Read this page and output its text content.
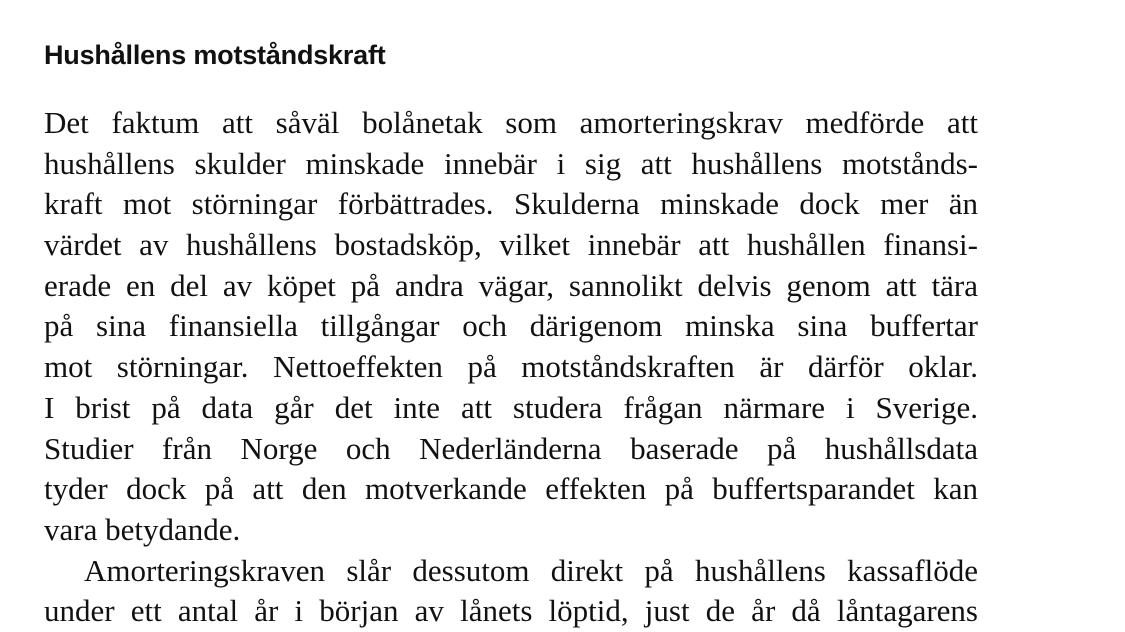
Hushållens motståndskraft
Det faktum att såväl bolånetak som amorteringskrav medförde att
hushållens skulder minskade innebär i sig att hushållens motstånds-
kraft mot störningar förbättrades. Skulderna minskade dock mer än
värdet av hushållens bostadsköp, vilket innebär att hushållen finansi-
erade en del av köpet på andra vägar, sannolikt delvis genom att tära
på sina finansiella tillgångar och därigenom minska sina buffertar
mot störningar. Nettoeffekten på motståndskraften är därför oklar.
I brist på data går det inte att studera frågan närmare i Sverige.
Studier från Norge och Nederländerna baserade på hushållsdata
tyder dock på att den motverkande effekten på buffertsparandet kan
vara betydande.
Amorteringskraven slår dessutom direkt på hushållens kassaflöde
under ett antal år i början av lånets löptid, just de år då låntagarens
